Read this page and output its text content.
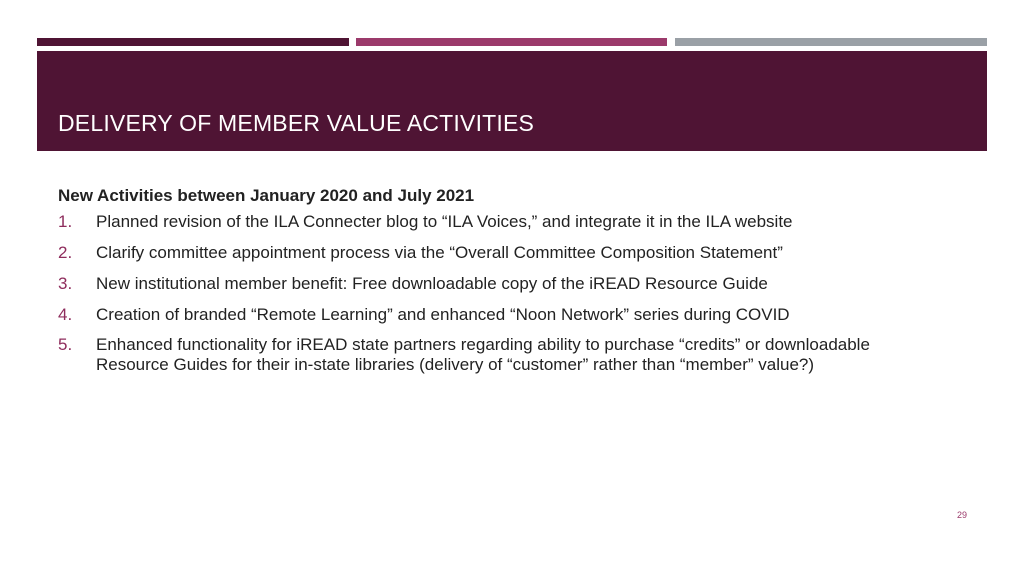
DELIVERY OF MEMBER VALUE ACTIVITIES

New Activities between January 2020 and July 2021

1. Planned revision of the ILA Connecter blog to “ILA Voices,” and integrate it in the ILA website
2. Clarify committee appointment process via the “Overall Committee Composition Statement”
3. New institutional member benefit: Free downloadable copy of the iREAD Resource Guide
4. Creation of branded “Remote Learning” and enhanced “Noon Network” series during COVID
5. Enhanced functionality for iREAD state partners regarding ability to purchase “credits” or downloadable Resource Guides for their in-state libraries (delivery of “customer” rather than “member” value?)
29
